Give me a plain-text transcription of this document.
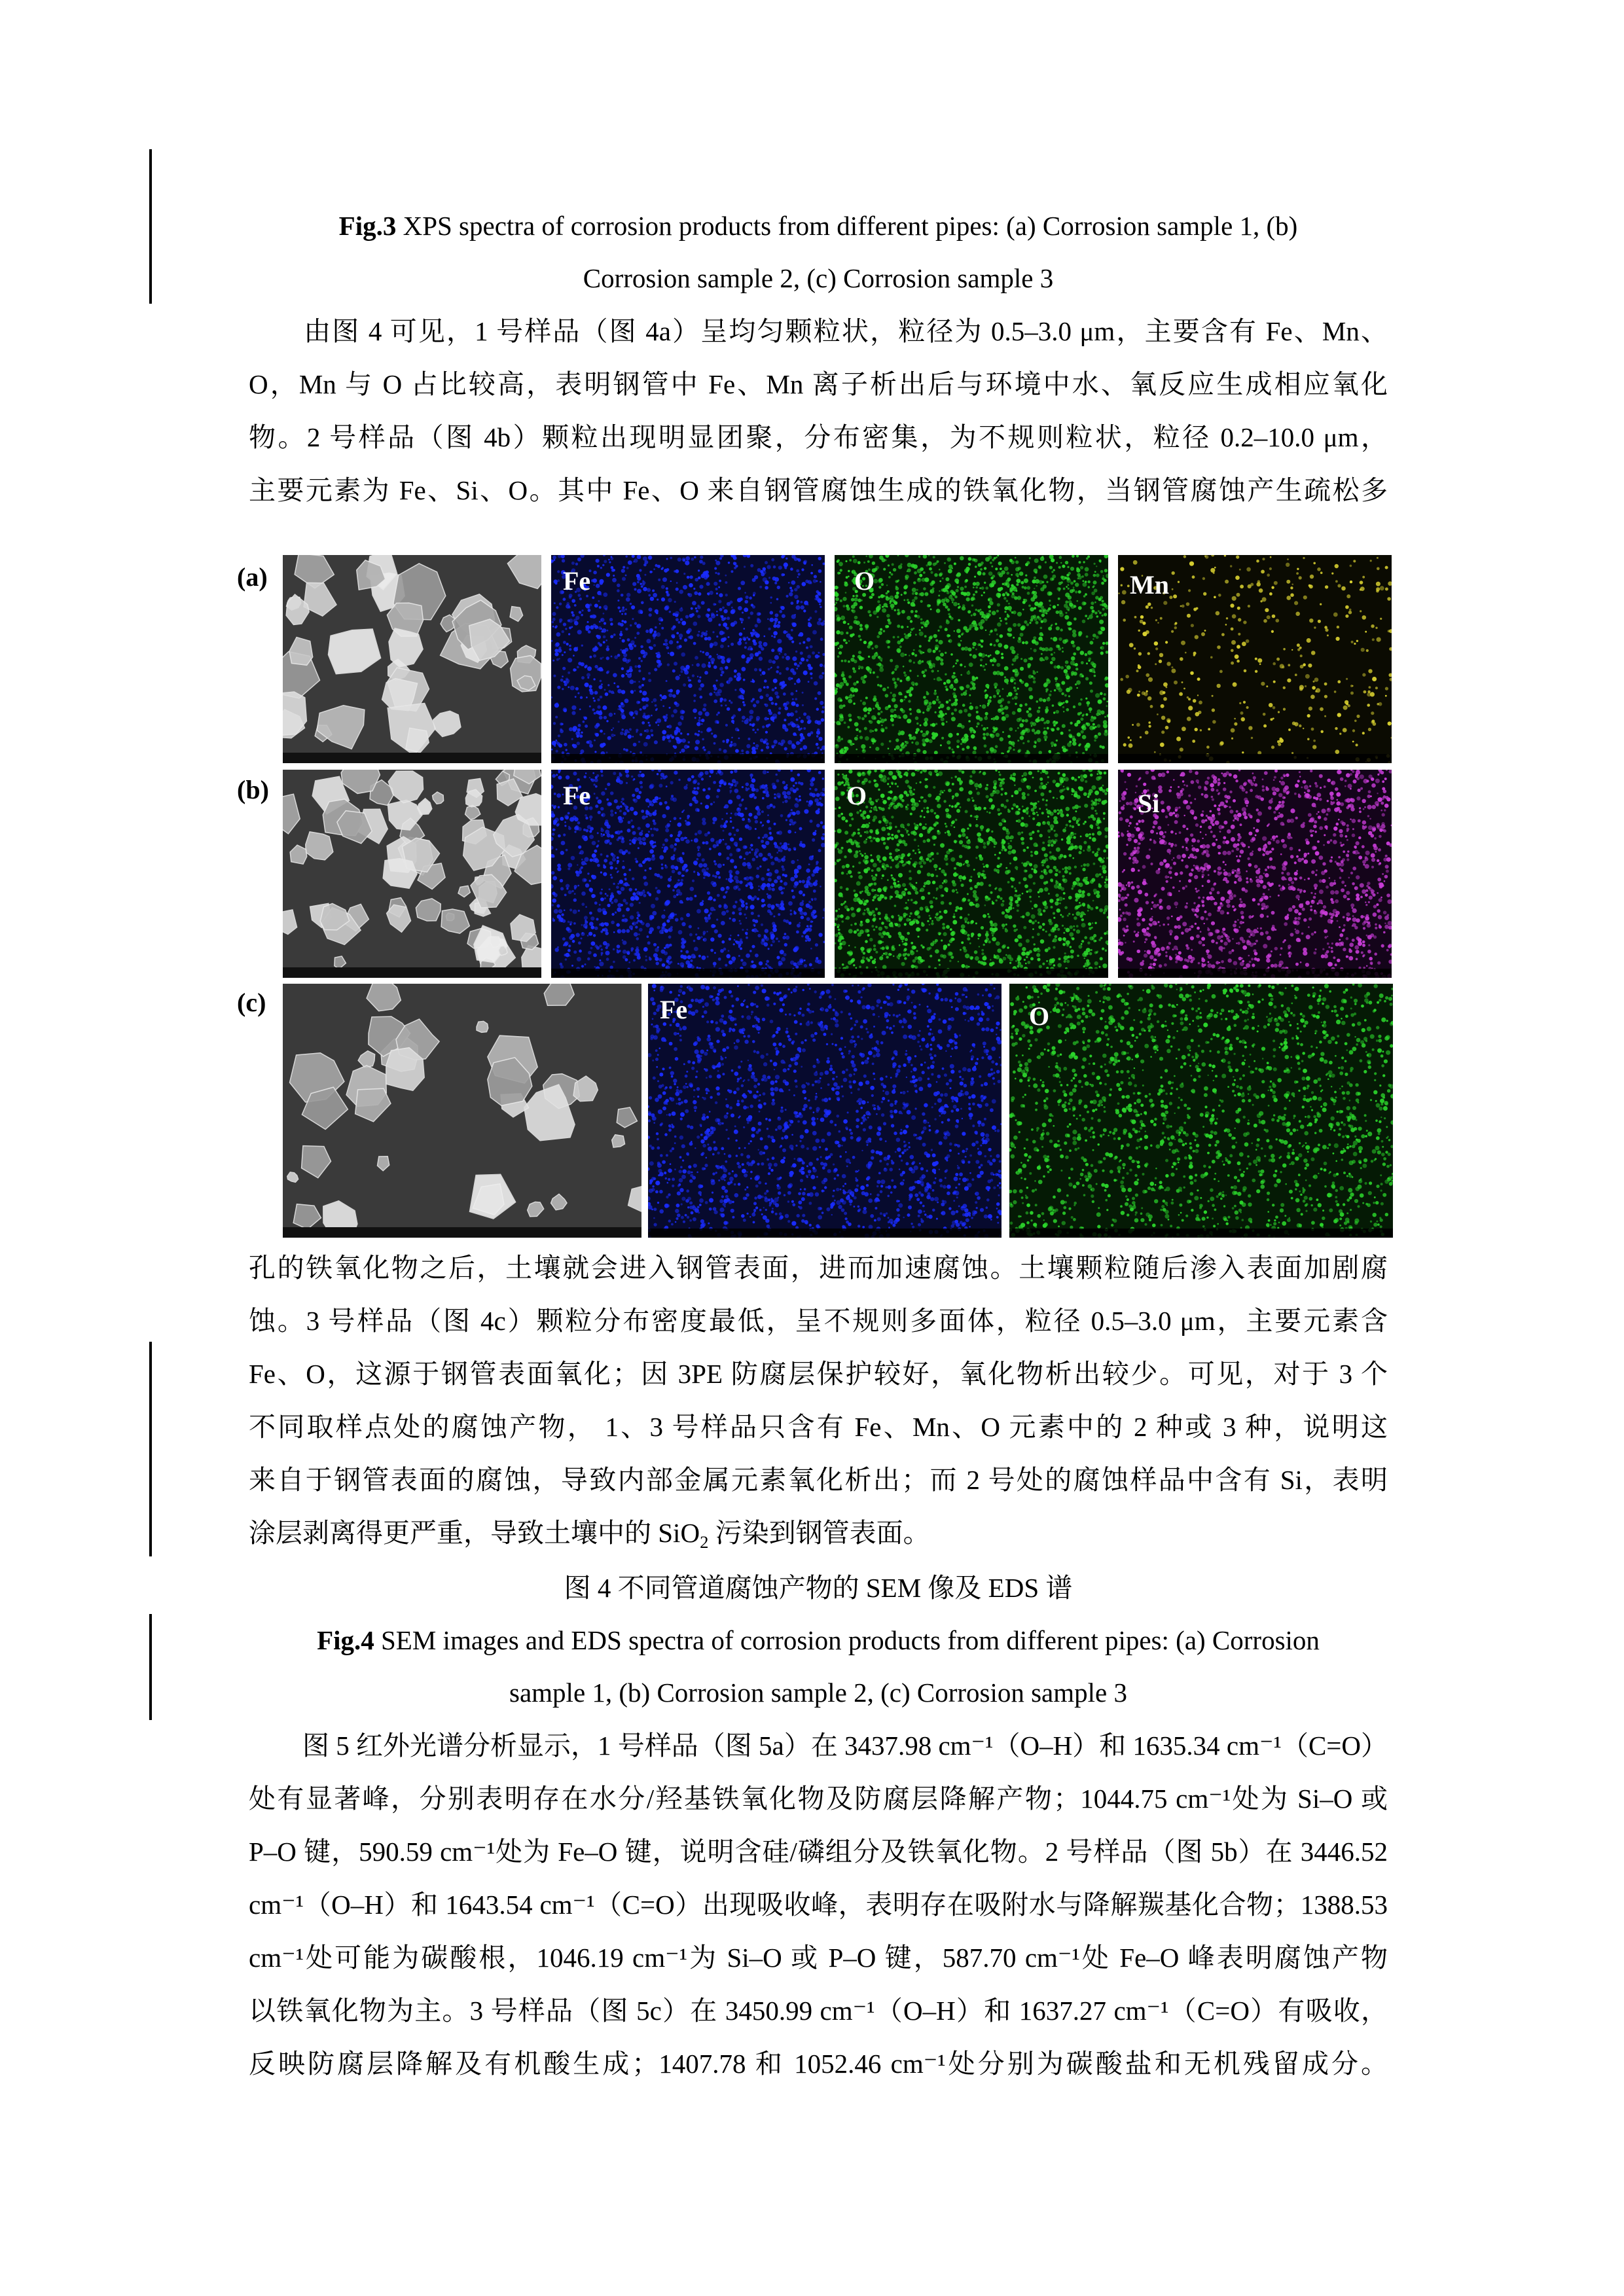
Fig.3 XPS spectra of corrosion products from different pipes: (a) Corrosion sample 1, (b)
Corrosion sample 2, (c) Corrosion sample 3
由图 4 可见，1 号样品（图 4a）呈均匀颗粒状，粒径为 0.5–3.0 μm，主要含有 Fe、Mn、
O，Mn 与 O 占比较高，表明钢管中 Fe、Mn 离子析出后与环境中水、氧反应生成相应氧化
物。2 号样品（图 4b）颗粒出现明显团聚，分布密集，为不规则粒状，粒径 0.2–10.0 μm，
主要元素为 Fe、Si、O。其中 Fe、O 来自钢管腐蚀生成的铁氧化物，当钢管腐蚀产生疏松多
(a)	Fe	O	Mn
(b)	Fe	O	Si
(c)	Fe	O
孔的铁氧化物之后，土壤就会进入钢管表面，进而加速腐蚀。土壤颗粒随后渗入表面加剧腐
蚀。3 号样品（图 4c）颗粒分布密度最低，呈不规则多面体，粒径 0.5–3.0 μm，主要元素含
Fe、O，这源于钢管表面氧化；因 3PE 防腐层保护较好，氧化物析出较少。可见，对于 3 个
不同取样点处的腐蚀产物， 1、3 号样品只含有 Fe、Mn、O 元素中的 2 种或 3 种，说明这
来自于钢管表面的腐蚀，导致内部金属元素氧化析出；而 2 号处的腐蚀样品中含有 Si，表明
涂层剥离得更严重，导致土壤中的 SiO$_2$ 污染到钢管表面。
图 4 不同管道腐蚀产物的 SEM 像及 EDS 谱
Fig.4 SEM images and EDS spectra of corrosion products from different pipes: (a) Corrosion
sample 1, (b) Corrosion sample 2, (c) Corrosion sample 3
图 5 红外光谱分析显示，1 号样品（图 5a）在 3437.98 cm⁻¹（O–H）和 1635.34 cm⁻¹（C=O）
处有显著峰，分别表明存在水分/羟基铁氧化物及防腐层降解产物；1044.75 cm⁻¹处为 Si–O 或
P–O 键，590.59 cm⁻¹处为 Fe–O 键，说明含硅/磷组分及铁氧化物。2 号样品（图 5b）在 3446.52
cm⁻¹（O–H）和 1643.54 cm⁻¹（C=O）出现吸收峰，表明存在吸附水与降解羰基化合物；1388.53
cm⁻¹处可能为碳酸根，1046.19 cm⁻¹为 Si–O 或 P–O 键，587.70 cm⁻¹处 Fe–O 峰表明腐蚀产物
以铁氧化物为主。3 号样品（图 5c）在 3450.99 cm⁻¹（O–H）和 1637.27 cm⁻¹（C=O）有吸收，
反映防腐层降解及有机酸生成；1407.78 和 1052.46 cm⁻¹处分别为碳酸盐和无机残留成分。
